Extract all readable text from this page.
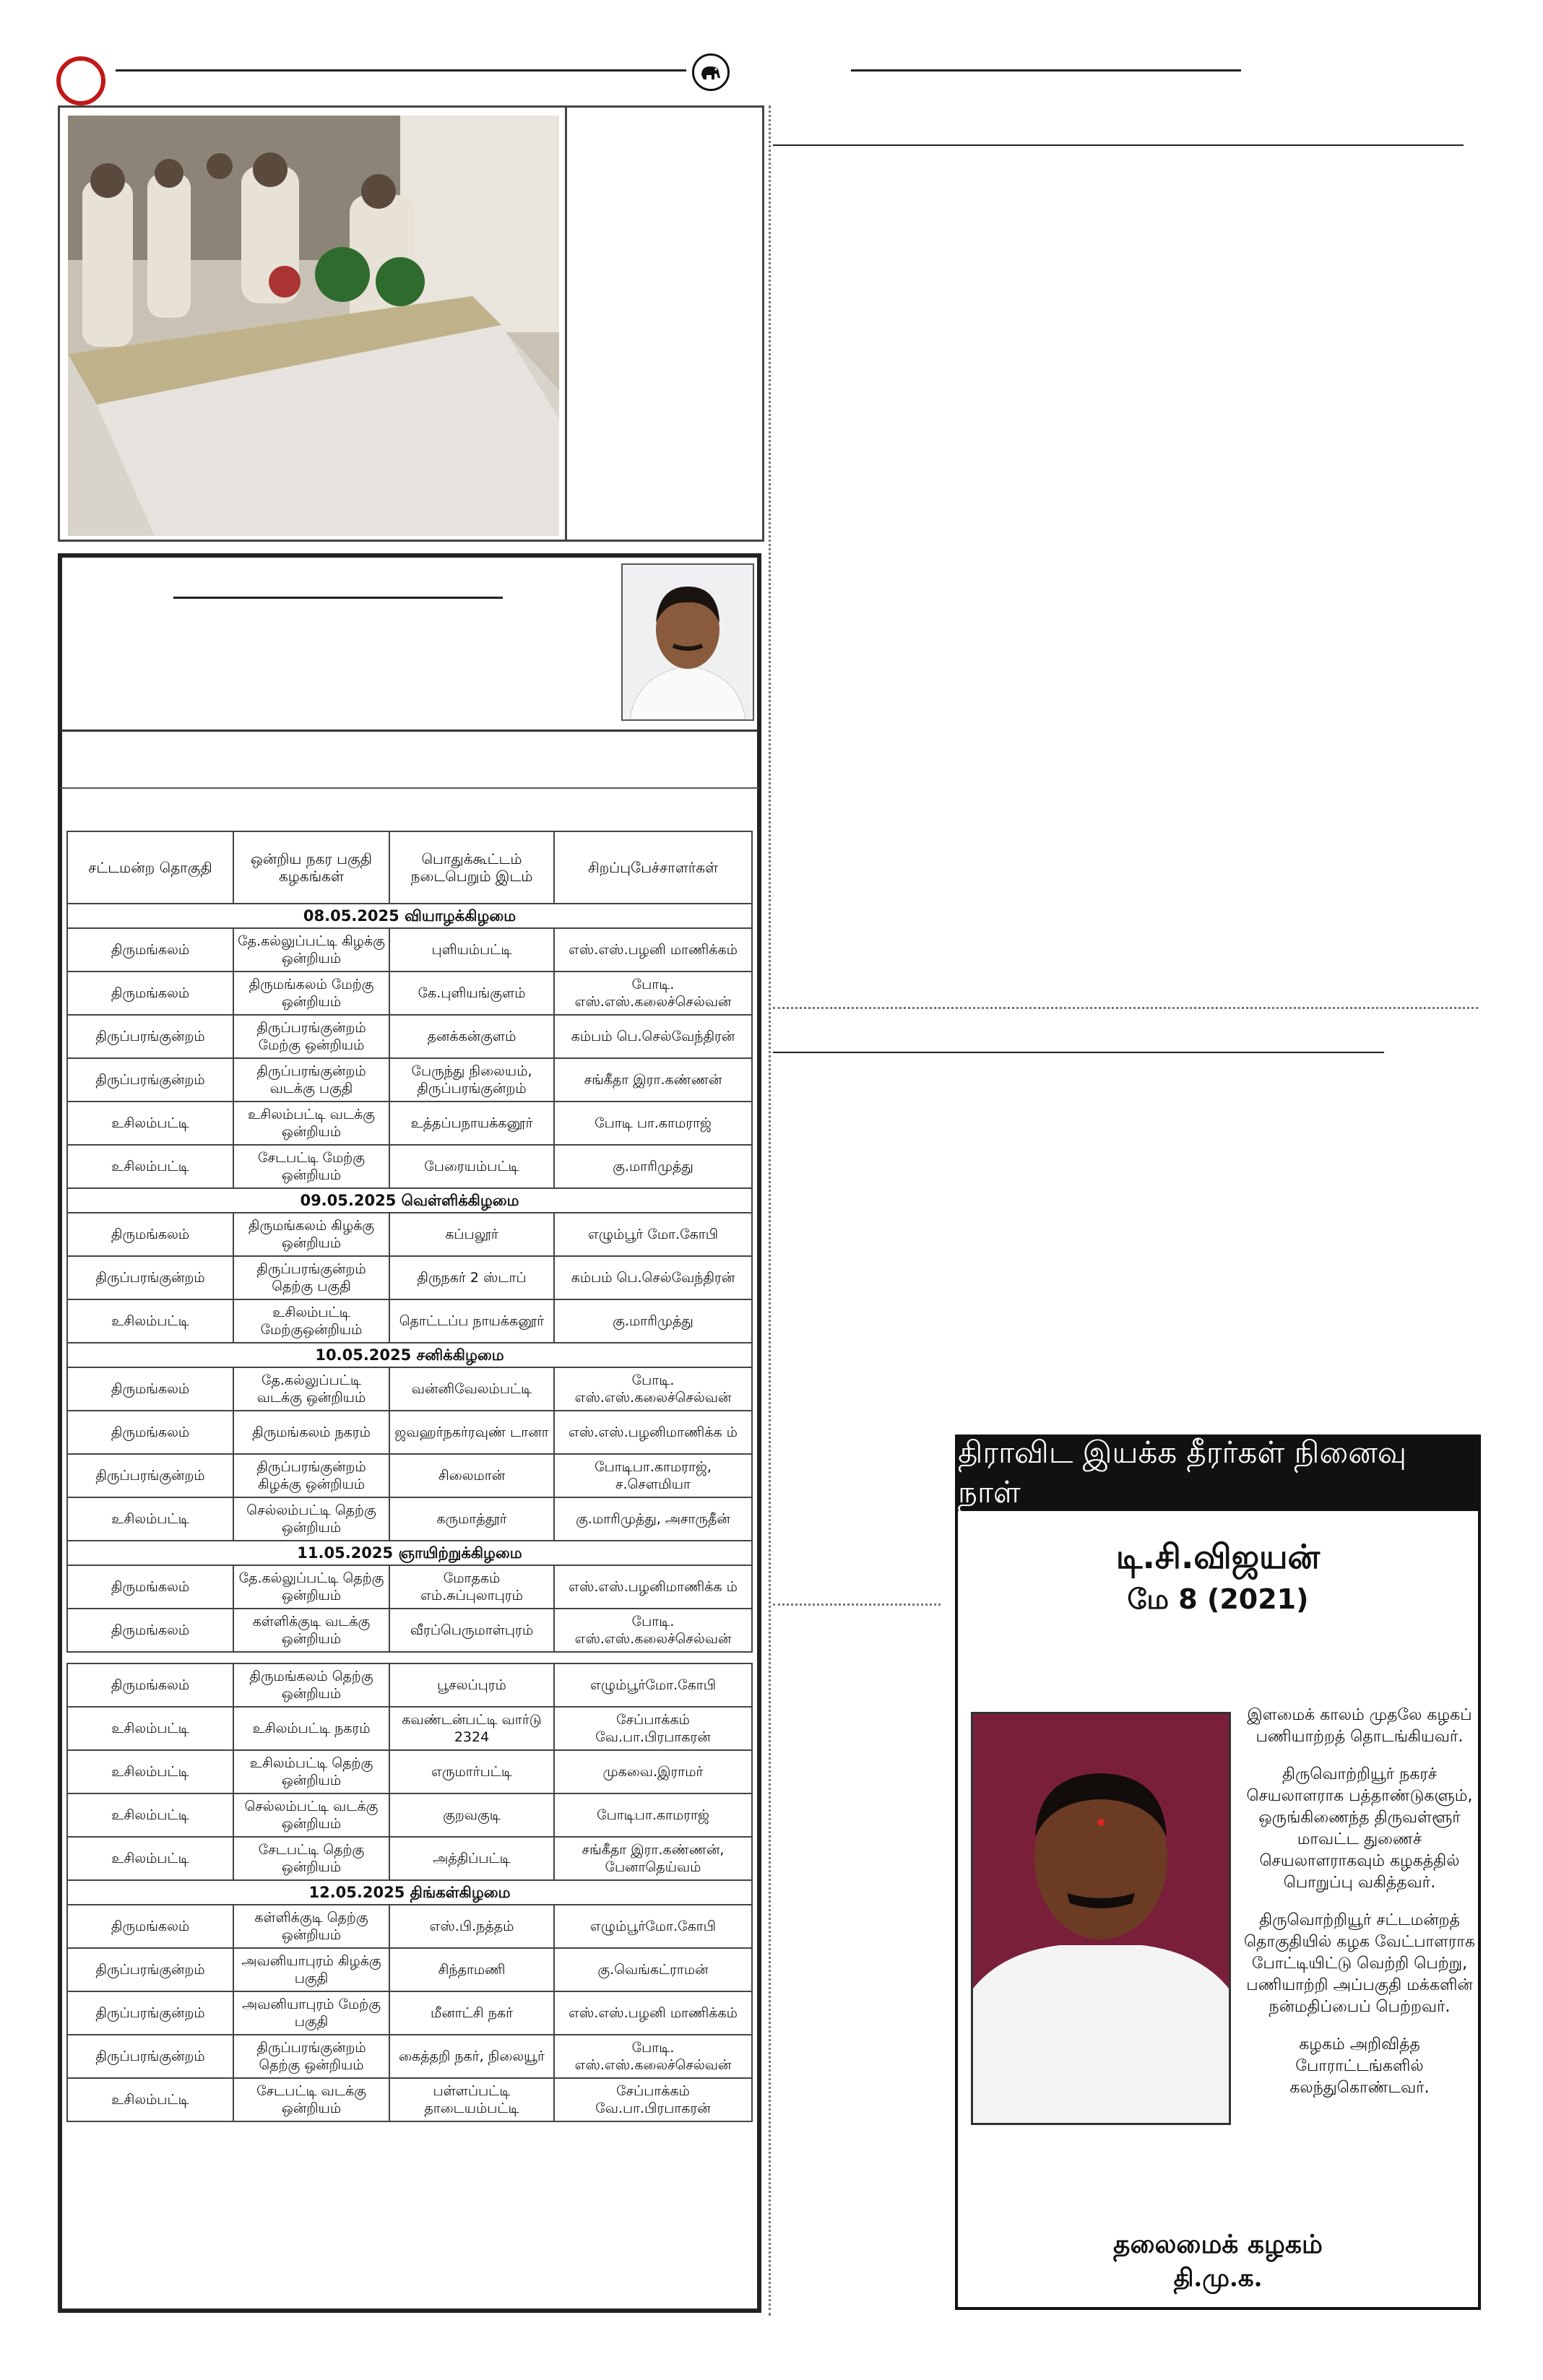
சட்டமன்ற தொகுதி	ஒன்றிய நகர பகுதி கழகங்கள்	பொதுக்கூட்டம் நடைபெறும் இடம்	சிறப்புபேச்சாளர்கள்
08.05.2025 வியாழக்கிழமை			
திருமங்கலம்	தே.கல்லுப்பட்டி கிழக்கு ஒன்றியம்	புளியம்பட்டி	எஸ்.எஸ்.பழனி மாணிக்கம்
திருமங்கலம்	திருமங்கலம் மேற்கு ஒன்றியம்	கே.புளியங்குளம்	போடி. எஸ்.எஸ்.கலைச்செல்வன்
திருப்பரங்குன்றம்	திருப்பரங்குன்றம் மேற்கு ஒன்றியம்	தனக்கன்குளம்	கம்பம் பெ.செல்வேந்திரன்
திருப்பரங்குன்றம்	திருப்பரங்குன்றம் வடக்கு பகுதி	பேருந்து நிலையம், திருப்பரங்குன்றம்	சங்கீதா இரா.கண்ணன்
உசிலம்பட்டி	உசிலம்பட்டி வடக்கு ஒன்றியம்	உத்தப்பநாயக்கனூர்	போடி பா.காமராஜ்
உசிலம்பட்டி	சேடபட்டி மேற்கு ஒன்றியம்	பேரையம்பட்டி	கு.மாரிமுத்து
09.05.2025 வெள்ளிக்கிழமை			
திருமங்கலம்	திருமங்கலம் கிழக்கு ஒன்றியம்	கப்பலூர்	எழும்பூர் மோ.கோபி
திருப்பரங்குன்றம்	திருப்பரங்குன்றம் தெற்கு பகுதி	திருநகர் 2 ஸ்டாப்	கம்பம் பெ.செல்வேந்திரன்
உசிலம்பட்டி	உசிலம்பட்டி மேற்குஒன்றியம்	தொட்டப்ப நாயக்கனூர்	கு.மாரிமுத்து
10.05.2025 சனிக்கிழமை			
திருமங்கலம்	தே.கல்லுப்பட்டி வடக்கு ஒன்றியம்	வன்னிவேலம்பட்டி	போடி. எஸ்.எஸ்.கலைச்செல்வன்
திருமங்கலம்	திருமங்கலம் நகரம்	ஜவஹர்நகர்ரவுண் டானா	எஸ்.எஸ்.பழனிமாணிக்க ம்
திருப்பரங்குன்றம்	திருப்பரங்குன்றம் கிழக்கு ஒன்றியம்	சிலைமான்	போடிபா.காமராஜ், ச.சௌமியா
உசிலம்பட்டி	செல்லம்பட்டி தெற்கு ஒன்றியம்	கருமாத்தூர்	கு.மாரிமுத்து, அசாருதீன்
11.05.2025 ஞாயிற்றுக்கிழமை			
திருமங்கலம்	தே.கல்லுப்பட்டி தெற்கு ஒன்றியம்	மோதகம் எம்.சுப்புலாபுரம்	எஸ்.எஸ்.பழனிமாணிக்க ம்
திருமங்கலம்	கள்ளிக்குடி வடக்கு ஒன்றியம்	வீரப்பெருமாள்புரம்	போடி. எஸ்.எஸ்.கலைச்செல்வன்

திருமங்கலம்	திருமங்கலம் தெற்கு ஒன்றியம்	பூசலப்புரம்	எழும்பூர்மோ.கோபி
உசிலம்பட்டி	உசிலம்பட்டி நகரம்	கவண்டன்பட்டி வார்டு 2324	சேப்பாக்கம் வே.பா.பிரபாகரன்
உசிலம்பட்டி	உசிலம்பட்டி தெற்கு ஒன்றியம்	எருமார்பட்டி	முகவை.இராமர்
உசிலம்பட்டி	செல்லம்பட்டி வடக்கு ஒன்றியம்	குறவகுடி	போடிபா.காமராஜ்
உசிலம்பட்டி	சேடபட்டி தெற்கு ஒன்றியம்	அத்திப்பட்டி	சங்கீதா இரா.கண்ணன், பேனாதெய்வம்
12.05.2025 திங்கள்கிழமை			
திருமங்கலம்	கள்ளிக்குடி தெற்கு ஒன்றியம்	எஸ்.பி.நத்தம்	எழும்பூர்மோ.கோபி
திருப்பரங்குன்றம்	அவனியாபுரம் கிழக்கு பகுதி	சிந்தாமணி	கு.வெங்கட்ராமன்
திருப்பரங்குன்றம்	அவனியாபுரம் மேற்கு பகுதி	மீனாட்சி நகர்	எஸ்.எஸ்.பழனி மாணிக்கம்
திருப்பரங்குன்றம்	திருப்பரங்குன்றம் தெற்கு ஒன்றியம்	கைத்தறி நகர், நிலையூர்	போடி. எஸ்.எஸ்.கலைச்செல்வன்
உசிலம்பட்டி	சேடபட்டி வடக்கு ஒன்றியம்	பள்ளப்பட்டி தாடையம்பட்டி	சேப்பாக்கம் வே.பா.பிரபாகரன்
திராவிட இயக்க தீரர்கள் நினைவு நாள்
டி.சி.விஜயன்
மே 8 (2021)

இளமைக் காலம் முதலே கழகப் பணியாற்றத் தொடங்கியவர்.

திருவொற்றியூர் நகரச் செயலாளராக பத்தாண்டுகளும், ஒருங்கிணைந்த திருவள்ளூர் மாவட்ட துணைச் செயலாளராகவும் கழகத்தில் பொறுப்பு வகித்தவர்.

திருவொற்றியூர் சட்டமன்றத் தொகுதியில் கழக வேட்பாளராக போட்டியிட்டு வெற்றி பெற்று, பணியாற்றி அப்பகுதி மக்களின் நன்மதிப்பைப் பெற்றவர்.

கழகம் அறிவித்த போராட்டங்களில் கலந்துகொண்டவர்.

தலைமைக் கழகம்
தி.மு.க.
